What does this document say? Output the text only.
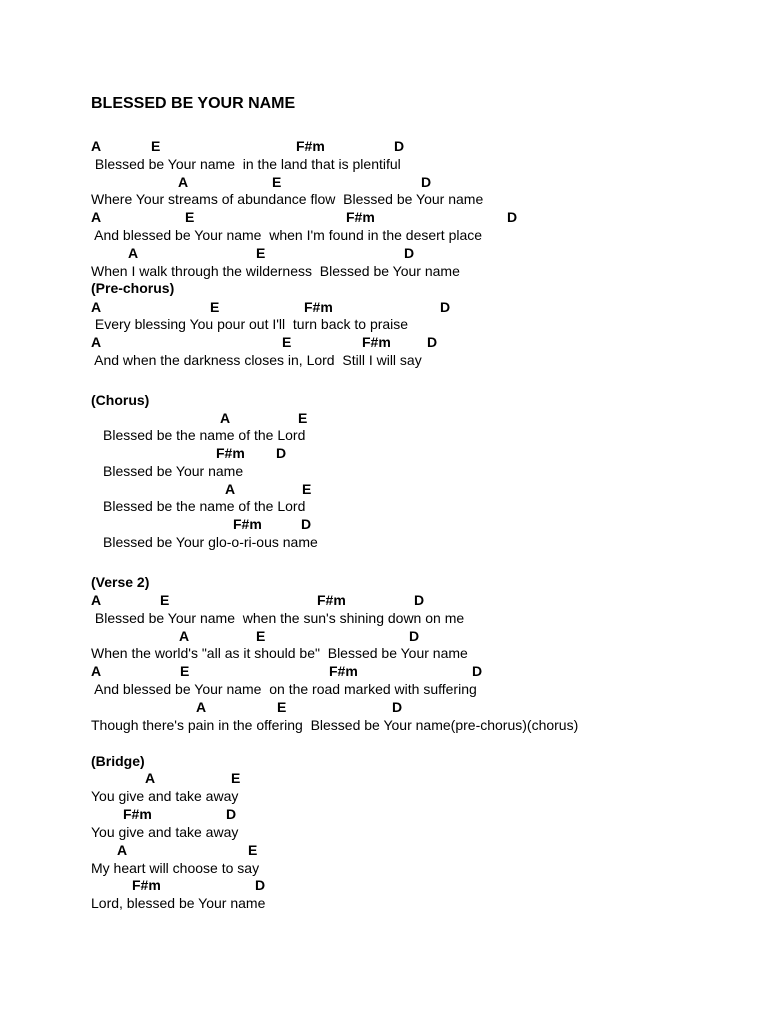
BLESSED BE YOUR NAME
A	E	F#m	D
Blessed be Your name  in the land that is plentiful
A	E	D
Where Your streams of abundance flow  Blessed be Your name
A	E	F#m	D
And blessed be Your name  when I'm found in the desert place
A	E	D
When I walk through the wilderness  Blessed be Your name
(Pre-chorus)
A	E	F#m	D
Every blessing You pour out I'll  turn back to praise
A	E	F#m	D
And when the darkness closes in, Lord  Still I will say
(Chorus)
A	E
Blessed be the name of the Lord
F#m D
Blessed be Your name
A	E
Blessed be the name of the Lord
F#m	D
Blessed be Your glo-o-ri-ous name
(Verse 2)
A	E	F#m	D
Blessed be Your name  when the sun's shining down on me
A	E	D
When the world's "all as it should be"  Blessed be Your name
A	E	F#m	D
And blessed be Your name  on the road marked with suffering
A	E	D
Though there's pain in the offering  Blessed be Your name(pre-chorus)(chorus)
(Bridge)
A	E
You give and take away
F#m	D
You give and take away
A	E
My heart will choose to say
F#m	D
Lord, blessed be Your name
